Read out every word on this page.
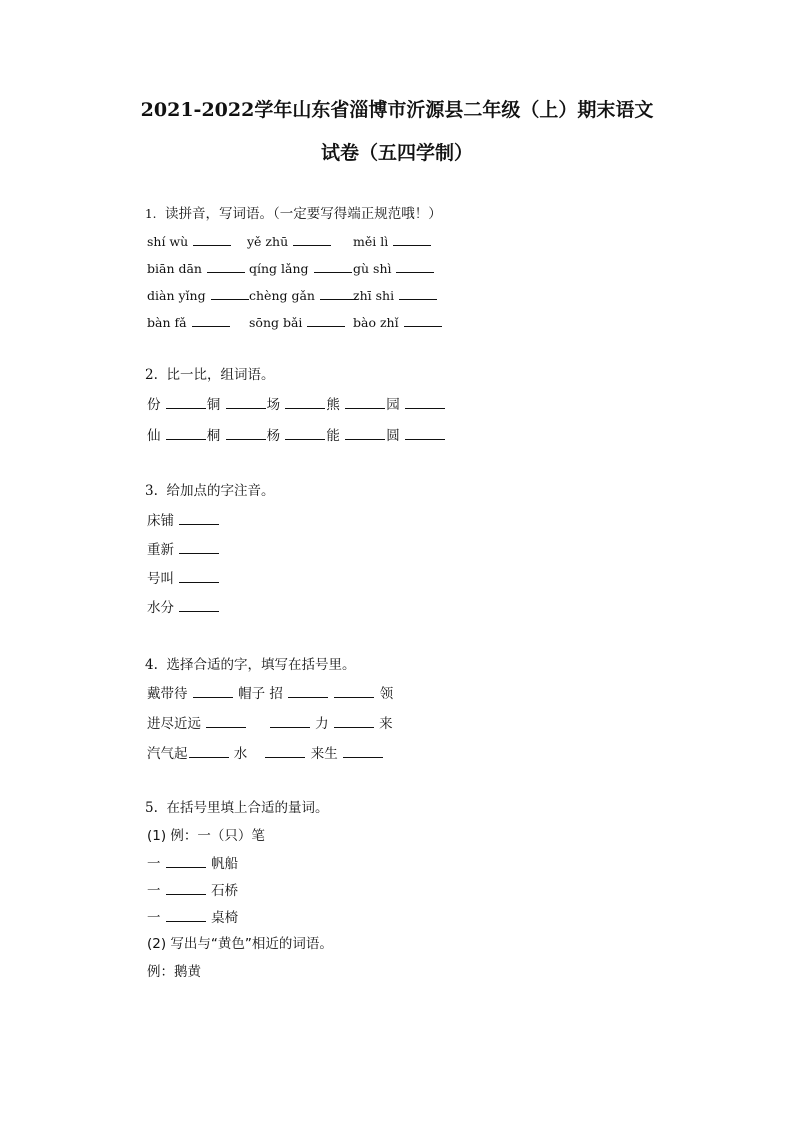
2021-2022学年山东省淄博市沂源县二年级（上）期末语文
试卷（五四学制）
1. 读拼音，写词语。（一定要写得端正规范哦！）
shí wù	yě zhū	měi lì
biān dān	qíng lǎng	gù shì
diàn yǐng	chèng gǎn	zhī shi
bàn fǎ	sōng bǎi	bào zhǐ
2. 比一比，组词语。
份	铜	场	熊	园
仙	桐	杨	能	圆
3. 给加点的字注音。
床铺
重新
号叫
水分
4. 选择合适的字，填写在括号里。
戴带待	帽子 招	领
进尽近远	力	来
汽气起	水	来生
5. 在括号里填上合适的量词。
(1) 例：一（只）笔
一	帆船
一	石桥
一	桌椅
(2) 写出与“黄色”相近的词语。
例：鹅黄
